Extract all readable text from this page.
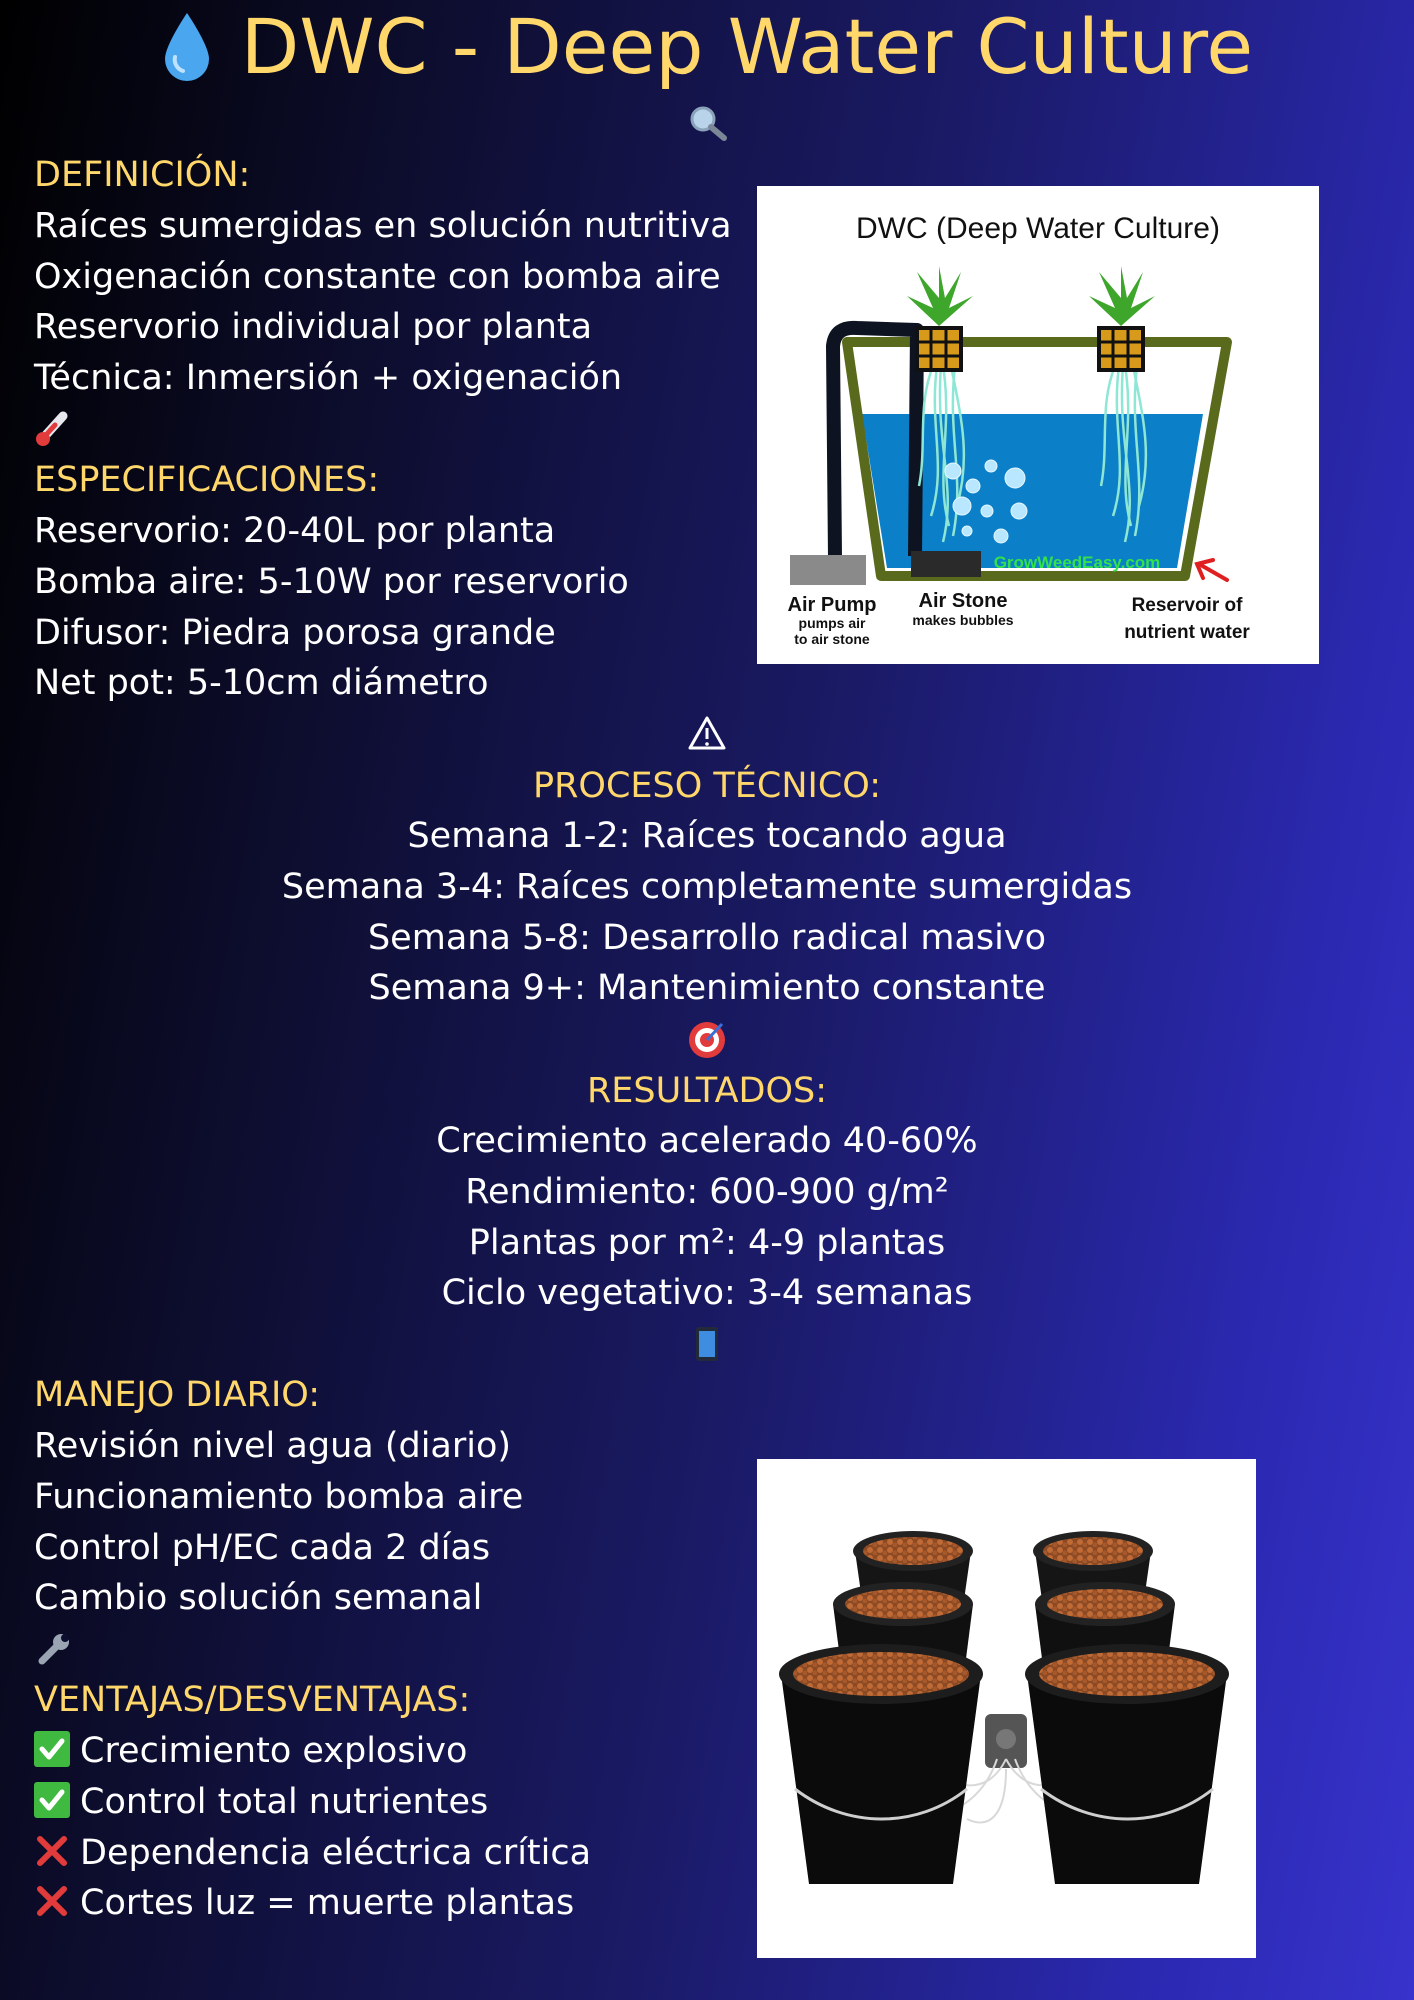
DWC - Deep Water Culture
DEFINICIÓN:
Raíces sumergidas en solución nutritiva
Oxigenación constante con bomba aire
Reservorio individual por planta
Técnica: Inmersión + oxigenación
ESPECIFICACIONES:
Reservorio: 20-40L por planta
Bomba aire: 5-10W por reservorio
Difusor: Piedra porosa grande
Net pot: 5-10cm diámetro
DWC (Deep Water Culture)
GrowWeedEasy.com
Air Pump
pumps air
to air stone
Air Stone
makes bubbles
Reservoir of
nutrient water
PROCESO TÉCNICO:
Semana 1-2: Raíces tocando agua
Semana 3-4: Raíces completamente sumergidas
Semana 5-8: Desarrollo radical masivo
Semana 9+: Mantenimiento constante
RESULTADOS:
Crecimiento acelerado 40-60%
Rendimiento: 600-900 g/m²
Plantas por m²: 4-9 plantas
Ciclo vegetativo: 3-4 semanas
MANEJO DIARIO:
Revisión nivel agua (diario)
Funcionamiento bomba aire
Control pH/EC cada 2 días
Cambio solución semanal
VENTAJAS/DESVENTAJAS:
Crecimiento explosivo
Control total nutrientes
Dependencia eléctrica crítica
Cortes luz = muerte plantas
